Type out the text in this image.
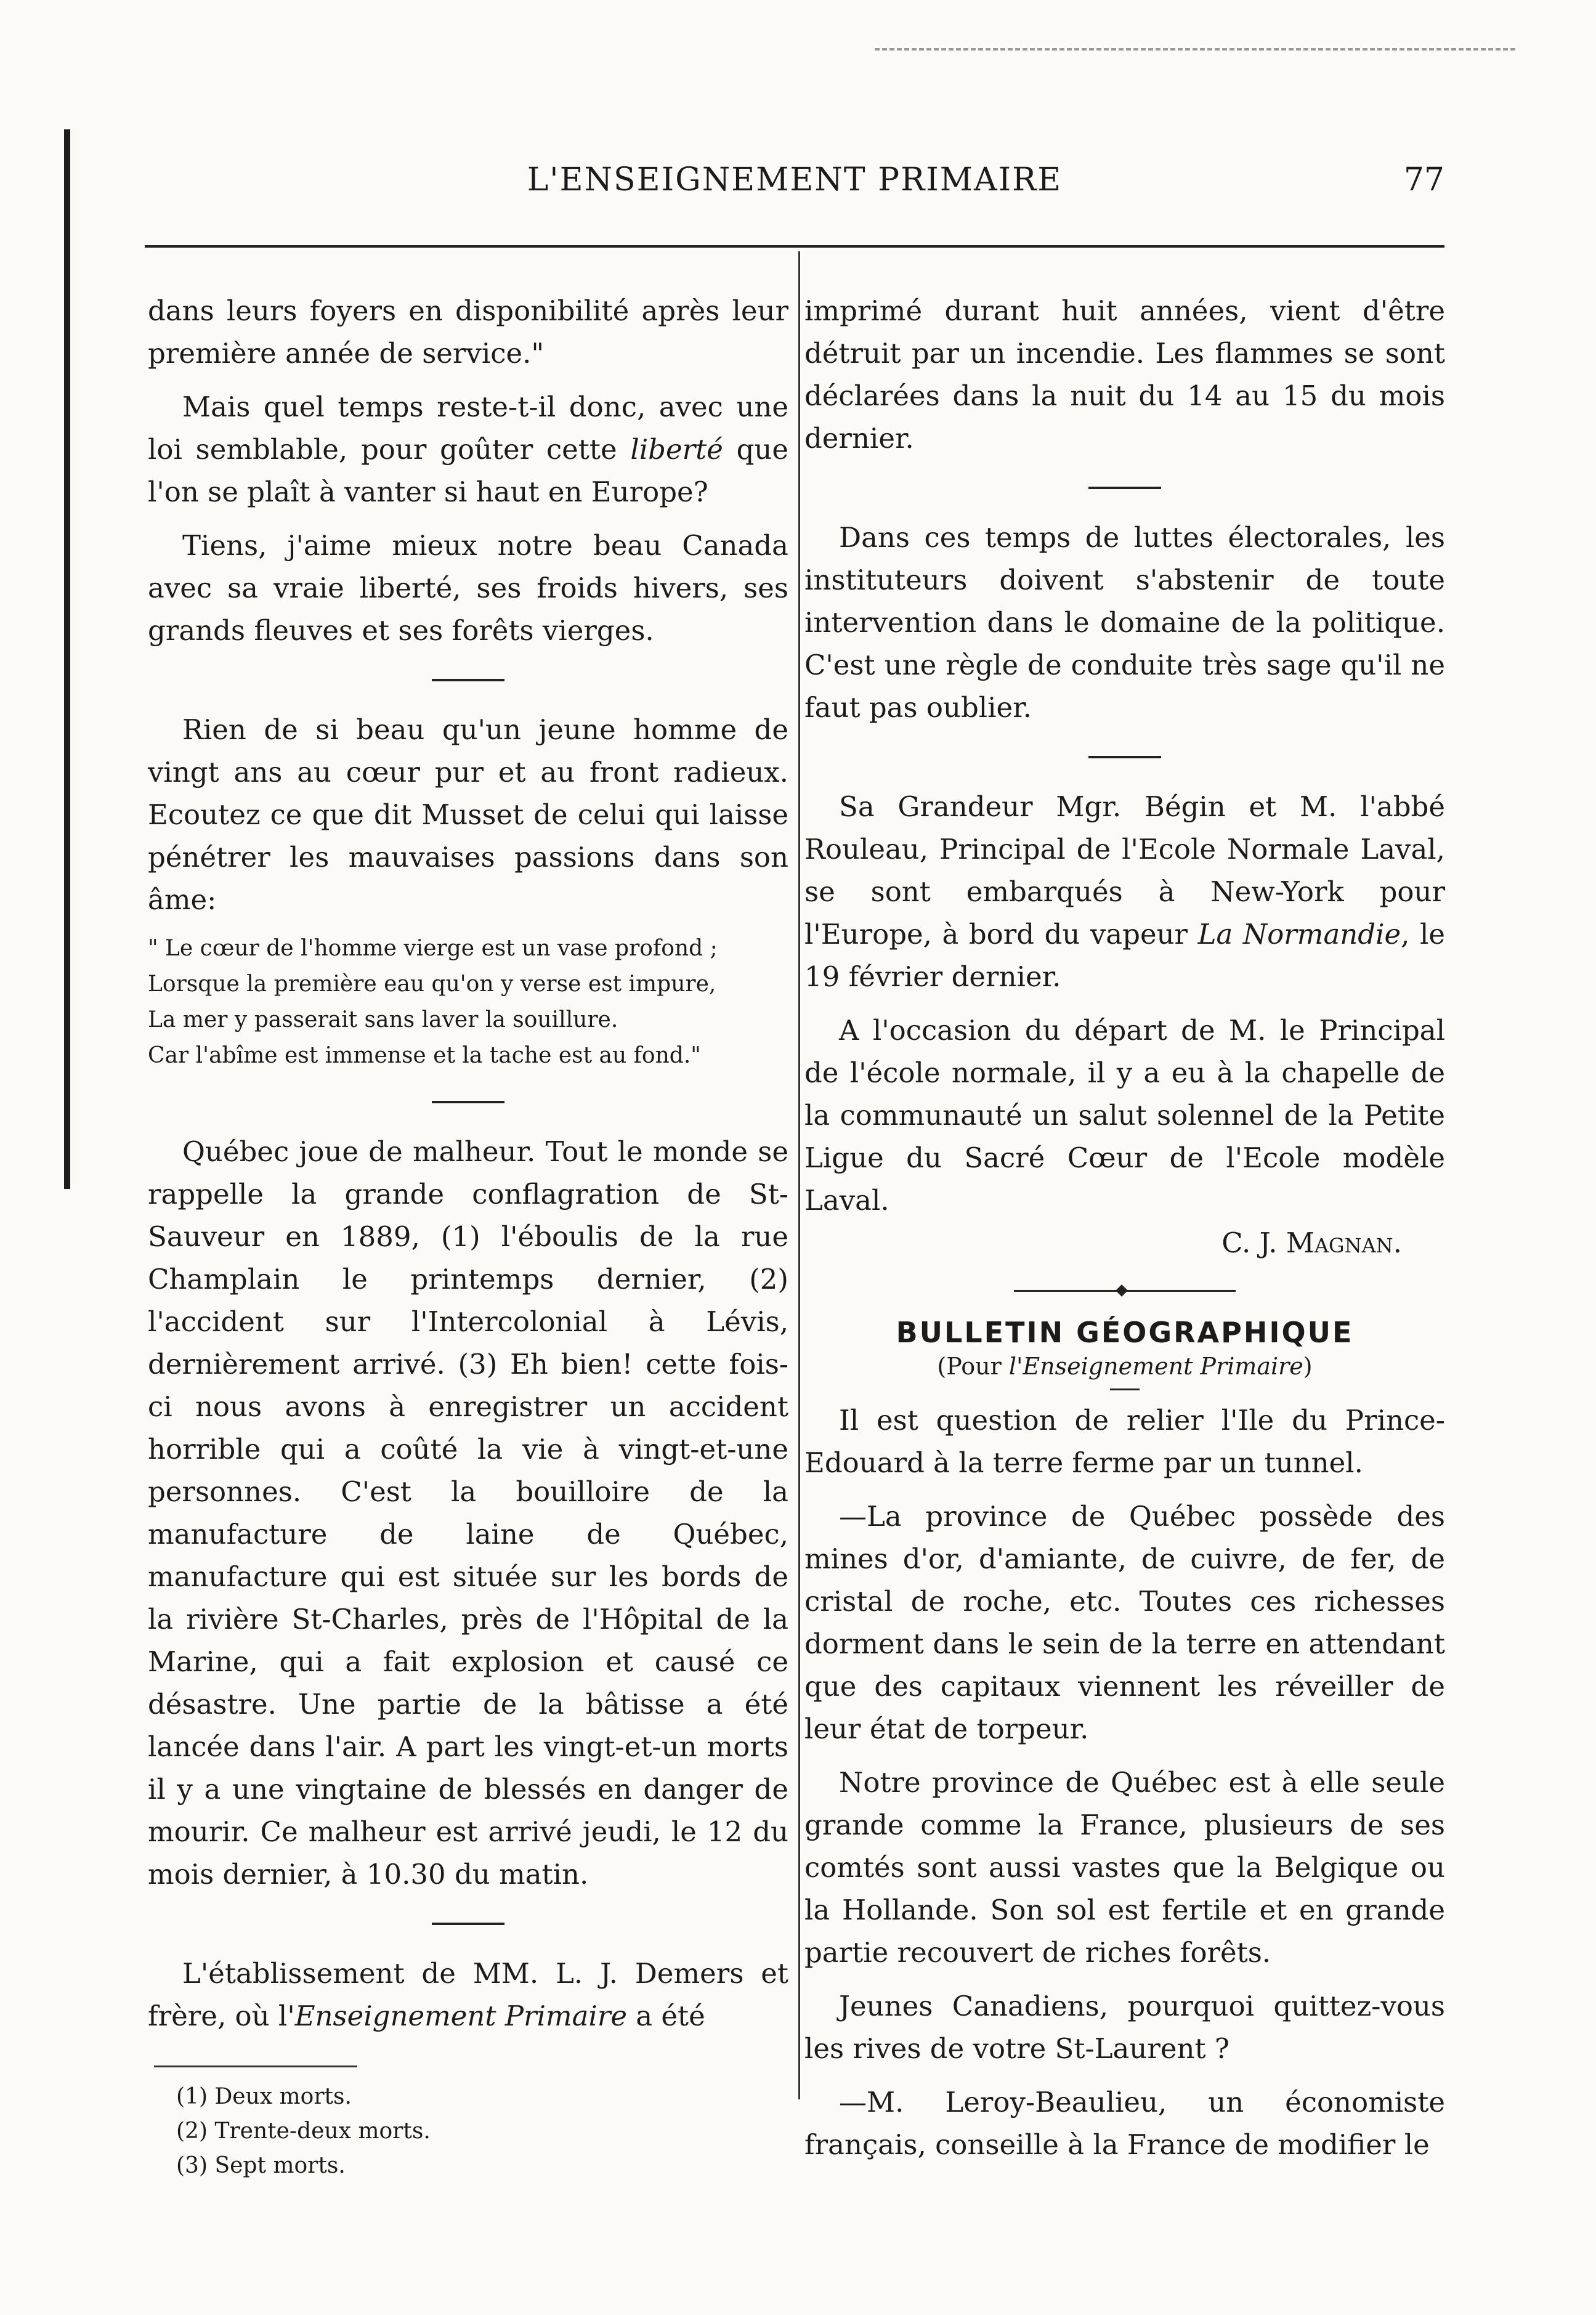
L'ENSEIGNEMENT PRIMAIRE	77

dans leurs foyers en disponibilité après leur première année de service."

Mais quel temps reste-t-il donc, avec une loi semblable, pour goûter cette liberté que l'on se plaît à vanter si haut en Europe?

Tiens, j'aime mieux notre beau Canada avec sa vraie liberté, ses froids hivers, ses grands fleuves et ses forêts vierges.

Rien de si beau qu'un jeune homme de vingt ans au cœur pur et au front radieux. Ecoutez ce que dit Musset de celui qui laisse pénétrer les mauvaises passions dans son âme:

" Le cœur de l'homme vierge est un vase profond ;
Lorsque la première eau qu'on y verse est impure,
La mer y passerait sans laver la souillure.
Car l'abîme est immense et la tache est au fond."

Québec joue de malheur. Tout le monde se rappelle la grande conflagration de St-Sauveur en 1889, (1) l'éboulis de la rue Champlain le printemps dernier, (2) l'accident sur l'Intercolonial à Lévis, dernièrement arrivé. (3) Eh bien! cette fois-ci nous avons à enregistrer un accident horrible qui a coûté la vie à vingt-et-une personnes. C'est la bouilloire de la manufacture de laine de Québec, manufacture qui est située sur les bords de la rivière St-Charles, près de l'Hôpital de la Marine, qui a fait explosion et causé ce désastre. Une partie de la bâtisse a été lancée dans l'air. A part les vingt-et-un morts il y a une vingtaine de blessés en danger de mourir. Ce malheur est arrivé jeudi, le 12 du mois dernier, à 10.30 du matin.

L'établissement de MM. L. J. Demers et frère, où l'Enseignement Primaire a été

(1) Deux morts.
(2) Trente-deux morts.
(3) Sept morts.

imprimé durant huit années, vient d'être détruit par un incendie. Les flammes se sont déclarées dans la nuit du 14 au 15 du mois dernier.

Dans ces temps de luttes électorales, les instituteurs doivent s'abstenir de toute intervention dans le domaine de la politique. C'est une règle de conduite très sage qu'il ne faut pas oublier.

Sa Grandeur Mgr. Bégin et M. l'abbé Rouleau, Principal de l'Ecole Normale Laval, se sont embarqués à New-York pour l'Europe, à bord du vapeur La Normandie, le 19 février dernier.

A l'occasion du départ de M. le Principal de l'école normale, il y a eu à la chapelle de la communauté un salut solennel de la Petite Ligue du Sacré Cœur de l'Ecole modèle Laval.

C. J. Magnan.
BULLETIN GÉOGRAPHIQUE
(Pour l'Enseignement Primaire)

Il est question de relier l'Ile du Prince-Edouard à la terre ferme par un tunnel.

—La province de Québec possède des mines d'or, d'amiante, de cuivre, de fer, de cristal de roche, etc. Toutes ces richesses dorment dans le sein de la terre en attendant que des capitaux viennent les réveiller de leur état de torpeur.

Notre province de Québec est à elle seule grande comme la France, plusieurs de ses comtés sont aussi vastes que la Belgique ou la Hollande. Son sol est fertile et en grande partie recouvert de riches forêts.

Jeunes Canadiens, pourquoi quittez-vous les rives de votre St-Laurent ?

—M. Leroy-Beaulieu, un économiste français, conseille à la France de modifier le
